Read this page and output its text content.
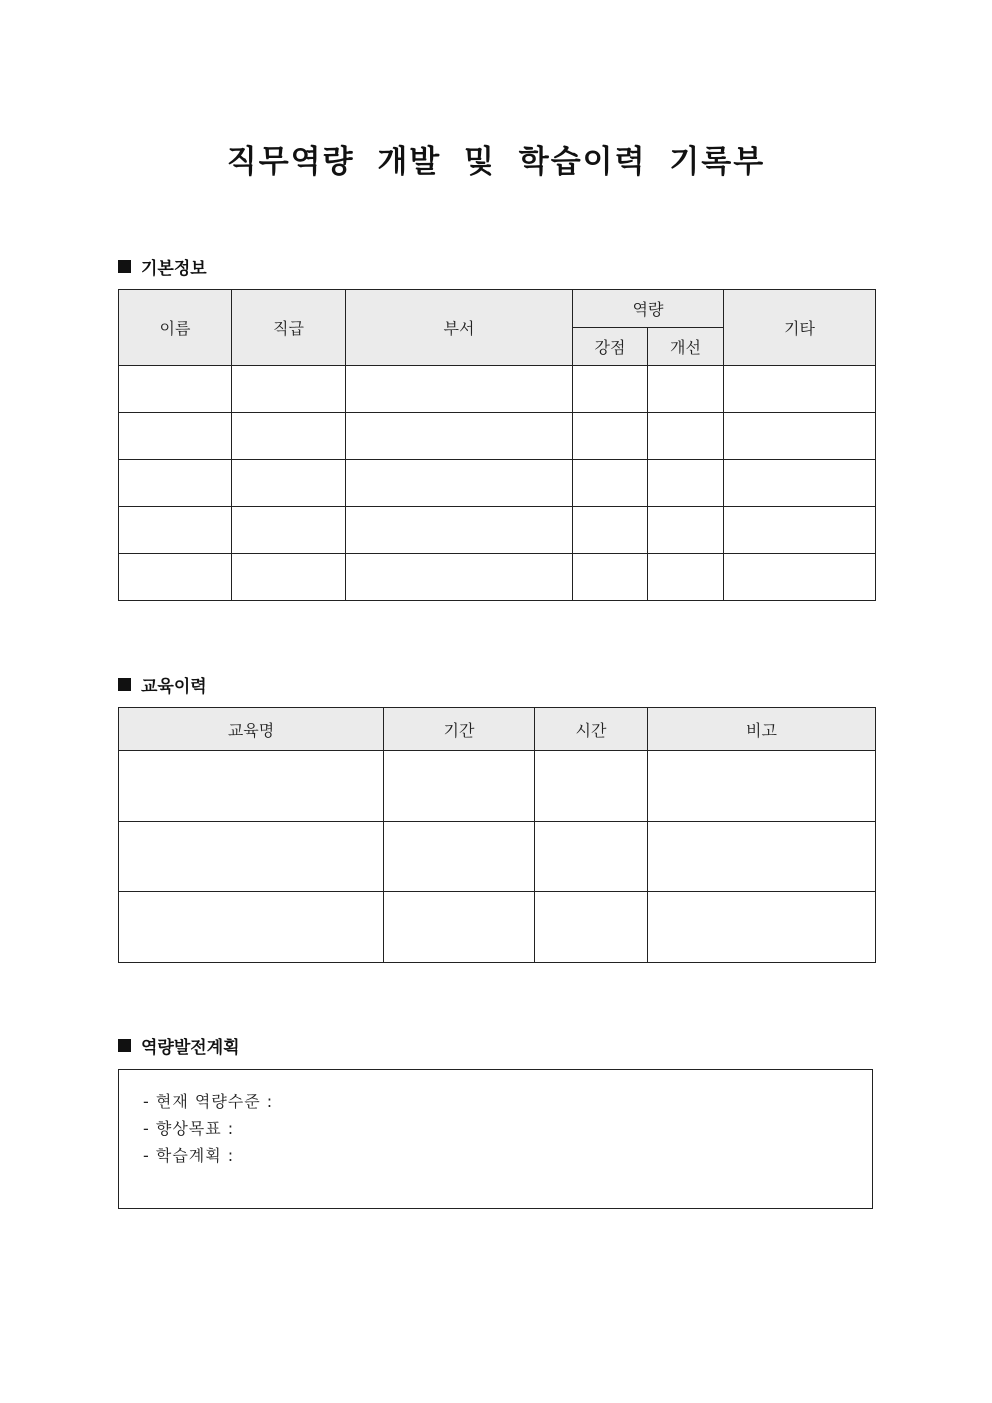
직무역량 개발 및 학습이력 기록부
기본정보
이름	직급	부서	역량		기타
			강점	개선	

교육이력
교육명	기간	시간	비고

역량발전계획
- 현재 역량수준 :
- 향상목표 :
- 학습계획 :
